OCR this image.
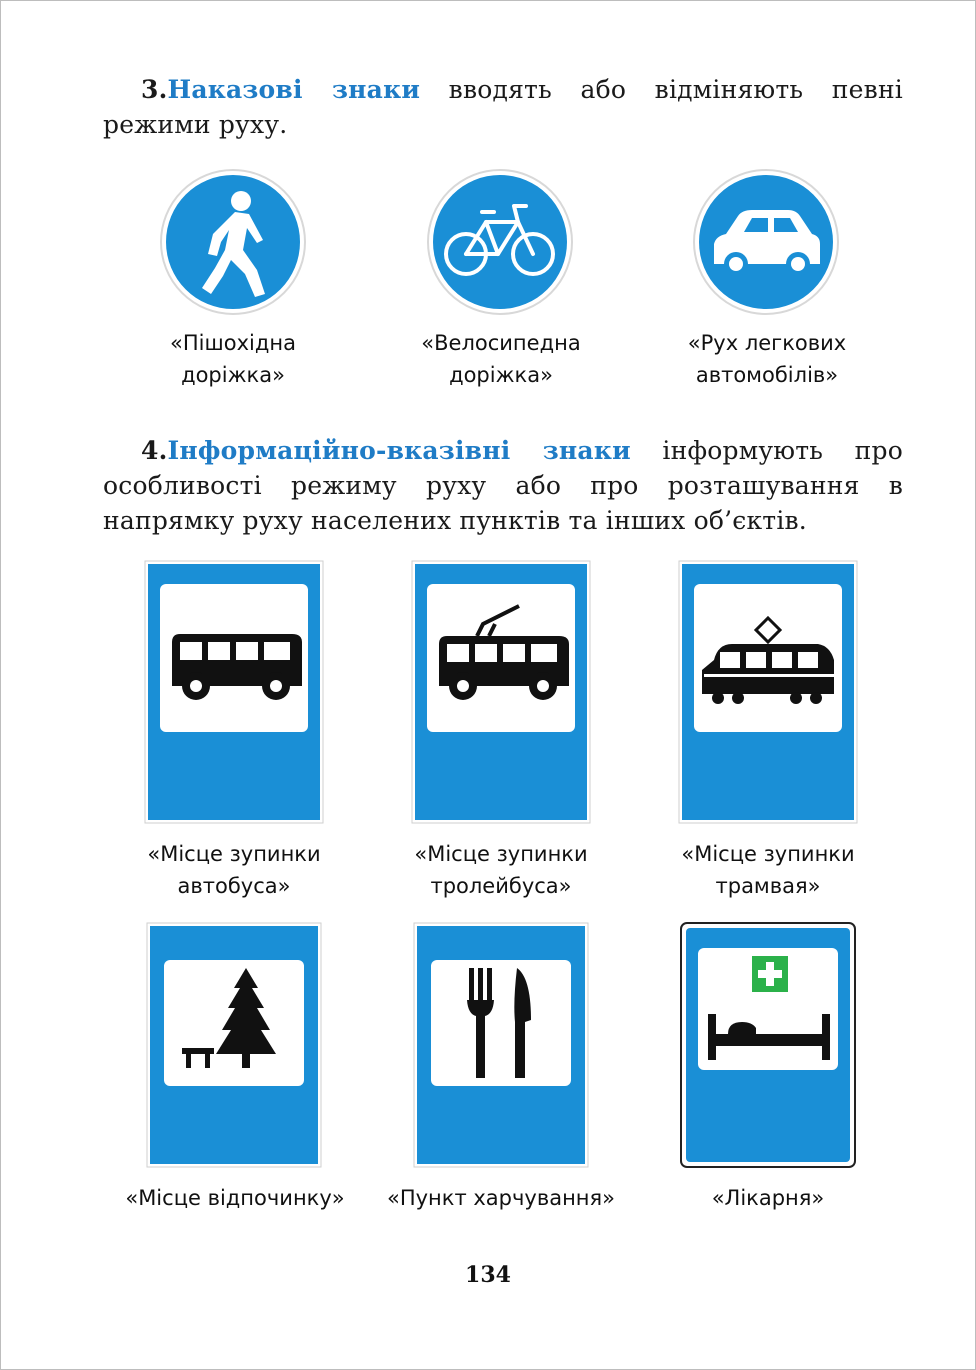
3.Наказові знаки вводять або відміняють певні режими руху.
«Пішохідна
доріжка»
«Велосипедна
доріжка»
«Рух легкових
автомобілів»
4.Інформаційно-вказівні знаки інформують про особливості режиму руху або про розташування в напрямку руху населених пунктів та інших об’єктів.
«Місце зупинки
автобуса»
«Місце зупинки
тролейбуса»
«Місце зупинки
трамвая»
«Місце відпочинку»	«Пункт харчування»	«Лікарня»
134
